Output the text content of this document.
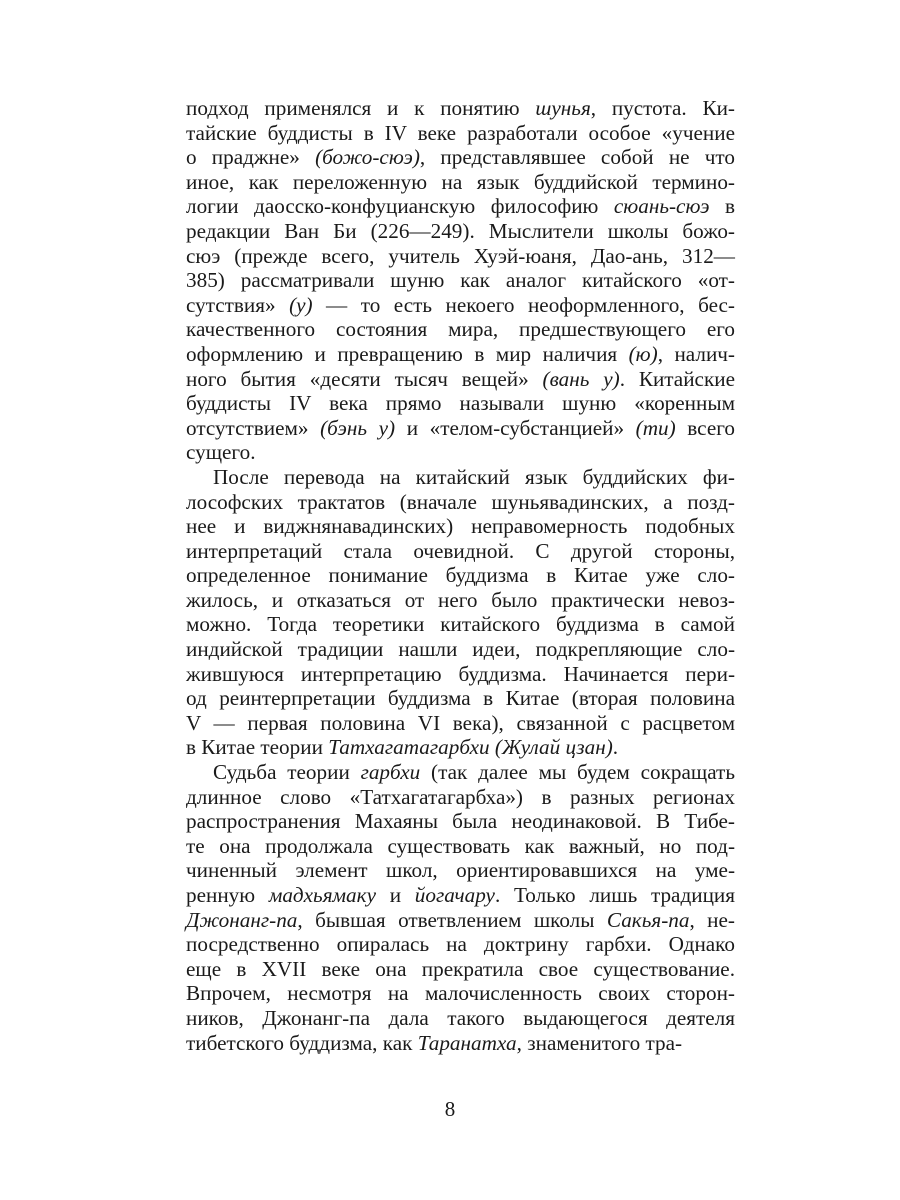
подход применялся и к понятию шунья, пустота. Ки-
тайские буддисты в IV веке разработали особое «учение
о праджне» (божо-сюэ), представлявшее собой не что
иное, как переложенную на язык буддийской термино-
логии даосско-конфуцианскую философию сюань-сюэ в
редакции Ван Би (226—249). Мыслители школы божо-
сюэ (прежде всего, учитель Хуэй-юаня, Дао-ань, 312—
385) рассматривали шуню как аналог китайского «от-
сутствия» (у) — то есть некоего неоформленного, бес-
качественного состояния мира, предшествующего его
оформлению и превращению в мир наличия (ю), налич-
ного бытия «десяти тысяч вещей» (вань у). Китайские
буддисты IV века прямо называли шуню «коренным
отсутствием» (бэнь у) и «телом-субстанцией» (ти) всего
сущего.
После перевода на китайский язык буддийских фи-
лософских трактатов (вначале шуньявадинских, а позд-
нее и виджнянавадинских) неправомерность подобных
интерпретаций стала очевидной. С другой стороны,
определенное понимание буддизма в Китае уже сло-
жилось, и отказаться от него было практически невоз-
можно. Тогда теоретики китайского буддизма в самой
индийской традиции нашли идеи, подкрепляющие сло-
жившуюся интерпретацию буддизма. Начинается пери-
од реинтерпретации буддизма в Китае (вторая половина
V — первая половина VI века), связанной с расцветом
в Китае теории Татхагатагарбхи (Жулай цзан).
Судьба теории гарбхи (так далее мы будем сокращать
длинное слово «Татхагатагарбха») в разных регионах
распространения Махаяны была неодинаковой. В Тибе-
те она продолжала существовать как важный, но под-
чиненный элемент школ, ориентировавшихся на уме-
ренную мадхьямаку и йогачару. Только лишь традиция
Джонанг-па, бывшая ответвлением школы Сакья-па, не-
посредственно опиралась на доктрину гарбхи. Однако
еще в XVII веке она прекратила свое существование.
Впрочем, несмотря на малочисленность своих сторон-
ников, Джонанг-па дала такого выдающегося деятеля
тибетского буддизма, как Таранатха, знаменитого тра-
8
